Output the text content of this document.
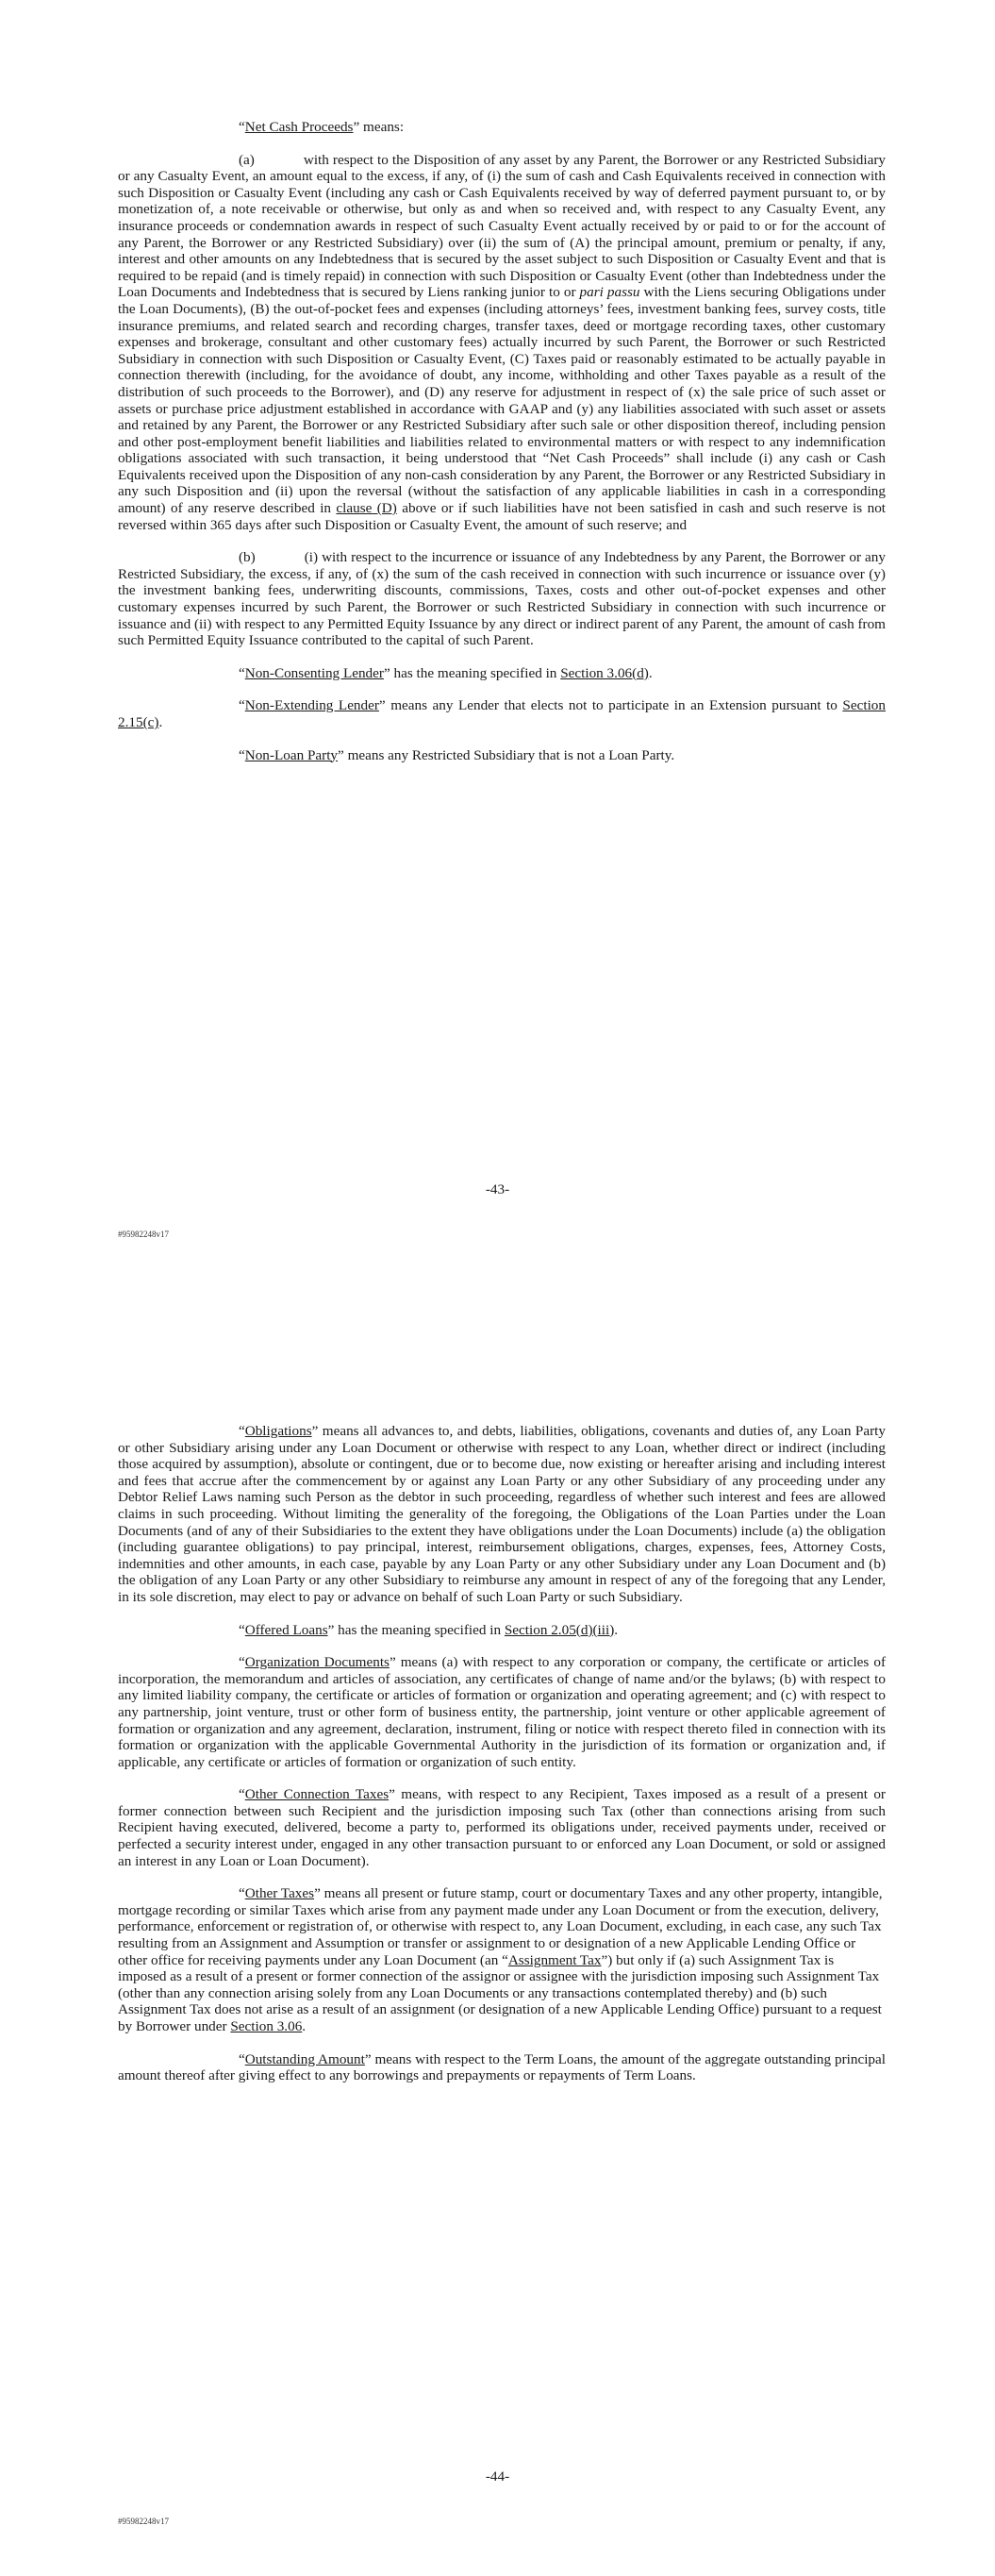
“Net Cash Proceeds” means:

(a)	with respect to the Disposition of any asset by any Parent, the Borrower or any Restricted Subsidiary or any Casualty Event, an amount equal to the excess, if any, of (i) the sum of cash and Cash Equivalents received in connection with such Disposition or Casualty Event (including any cash or Cash Equivalents received by way of deferred payment pursuant to, or by monetization of, a note receivable or otherwise, but only as and when so received and, with respect to any Casualty Event, any insurance proceeds or condemnation awards in respect of such Casualty Event actually received by or paid to or for the account of any Parent, the Borrower or any Restricted Subsidiary) over (ii) the sum of (A) the principal amount, premium or penalty, if any, interest and other amounts on any Indebtedness that is secured by the asset subject to such Disposition or Casualty Event and that is required to be repaid (and is timely repaid) in connection with such Disposition or Casualty Event (other than Indebtedness under the Loan Documents and Indebtedness that is secured by Liens ranking junior to or pari passu with the Liens securing Obligations under the Loan Documents), (B) the out-of-pocket fees and expenses (including attorneys’ fees, investment banking fees, survey costs, title insurance premiums, and related search and recording charges, transfer taxes, deed or mortgage recording taxes, other customary expenses and brokerage, consultant and other customary fees) actually incurred by such Parent, the Borrower or such Restricted Subsidiary in connection with such Disposition or Casualty Event, (C) Taxes paid or reasonably estimated to be actually payable in connection therewith (including, for the avoidance of doubt, any income, withholding and other Taxes payable as a result of the distribution of such proceeds to the Borrower), and (D) any reserve for adjustment in respect of (x) the sale price of such asset or assets or purchase price adjustment established in accordance with GAAP and (y) any liabilities associated with such asset or assets and retained by any Parent, the Borrower or any Restricted Subsidiary after such sale or other disposition thereof, including pension and other post-employment benefit liabilities and liabilities related to environmental matters or with respect to any indemnification obligations associated with such transaction, it being understood that “Net Cash Proceeds” shall include (i) any cash or Cash Equivalents received upon the Disposition of any non-cash consideration by any Parent, the Borrower or any Restricted Subsidiary in any such Disposition and (ii) upon the reversal (without the satisfaction of any applicable liabilities in cash in a corresponding amount) of any reserve described in clause (D) above or if such liabilities have not been satisfied in cash and such reserve is not reversed within 365 days after such Disposition or Casualty Event, the amount of such reserve; and

(b)	(i) with respect to the incurrence or issuance of any Indebtedness by any Parent, the Borrower or any Restricted Subsidiary, the excess, if any, of (x) the sum of the cash received in connection with such incurrence or issuance over (y) the investment banking fees, underwriting discounts, commissions, Taxes, costs and other out-of-pocket expenses and other customary expenses incurred by such Parent, the Borrower or such Restricted Subsidiary in connection with such incurrence or issuance and (ii) with respect to any Permitted Equity Issuance by any direct or indirect parent of any Parent, the amount of cash from such Permitted Equity Issuance contributed to the capital of such Parent.

“Non-Consenting Lender” has the meaning specified in Section 3.06(d).

“Non-Extending Lender” means any Lender that elects not to participate in an Extension pursuant to Section 2.15(c).

“Non-Loan Party” means any Restricted Subsidiary that is not a Loan Party.

-43-
#95982248v17

“Obligations” means all advances to, and debts, liabilities, obligations, covenants and duties of, any Loan Party or other Subsidiary arising under any Loan Document or otherwise with respect to any Loan, whether direct or indirect (including those acquired by assumption), absolute or contingent, due or to become due, now existing or hereafter arising and including interest and fees that accrue after the commencement by or against any Loan Party or any other Subsidiary of any proceeding under any Debtor Relief Laws naming such Person as the debtor in such proceeding, regardless of whether such interest and fees are allowed claims in such proceeding. Without limiting the generality of the foregoing, the Obligations of the Loan Parties under the Loan Documents (and of any of their Subsidiaries to the extent they have obligations under the Loan Documents) include (a) the obligation (including guarantee obligations) to pay principal, interest, reimbursement obligations, charges, expenses, fees, Attorney Costs, indemnities and other amounts, in each case, payable by any Loan Party or any other Subsidiary under any Loan Document and (b) the obligation of any Loan Party or any other Subsidiary to reimburse any amount in respect of any of the foregoing that any Lender, in its sole discretion, may elect to pay or advance on behalf of such Loan Party or such Subsidiary.

“Offered Loans” has the meaning specified in Section 2.05(d)(iii).

“Organization Documents” means (a) with respect to any corporation or company, the certificate or articles of incorporation, the memorandum and articles of association, any certificates of change of name and/or the bylaws; (b) with respect to any limited liability company, the certificate or articles of formation or organization and operating agreement; and (c) with respect to any partnership, joint venture, trust or other form of business entity, the partnership, joint venture or other applicable agreement of formation or organization and any agreement, declaration, instrument, filing or notice with respect thereto filed in connection with its formation or organization with the applicable Governmental Authority in the jurisdiction of its formation or organization and, if applicable, any certificate or articles of formation or organization of such entity.

“Other Connection Taxes” means, with respect to any Recipient, Taxes imposed as a result of a present or former connection between such Recipient and the jurisdiction imposing such Tax (other than connections arising from such Recipient having executed, delivered, become a party to, performed its obligations under, received payments under, received or perfected a security interest under, engaged in any other transaction pursuant to or enforced any Loan Document, or sold or assigned an interest in any Loan or Loan Document).

“Other Taxes” means all present or future stamp, court or documentary Taxes and any other property, intangible, mortgage recording or similar Taxes which arise from any payment made under any Loan Document or from the execution, delivery, performance, enforcement or registration of, or otherwise with respect to, any Loan Document, excluding, in each case, any such Tax resulting from an Assignment and Assumption or transfer or assignment to or designation of a new Applicable Lending Office or other office for receiving payments under any Loan Document (an “Assignment Tax”) but only if (a) such Assignment Tax is imposed as a result of a present or former connection of the assignor or assignee with the jurisdiction imposing such Assignment Tax (other than any connection arising solely from any Loan Documents or any transactions contemplated thereby) and (b) such Assignment Tax does not arise as a result of an assignment (or designation of a new Applicable Lending Office) pursuant to a request by Borrower under Section 3.06.

“Outstanding Amount” means with respect to the Term Loans, the amount of the aggregate outstanding principal amount thereof after giving effect to any borrowings and prepayments or repayments of Term Loans.

-44-
#95982248v17
